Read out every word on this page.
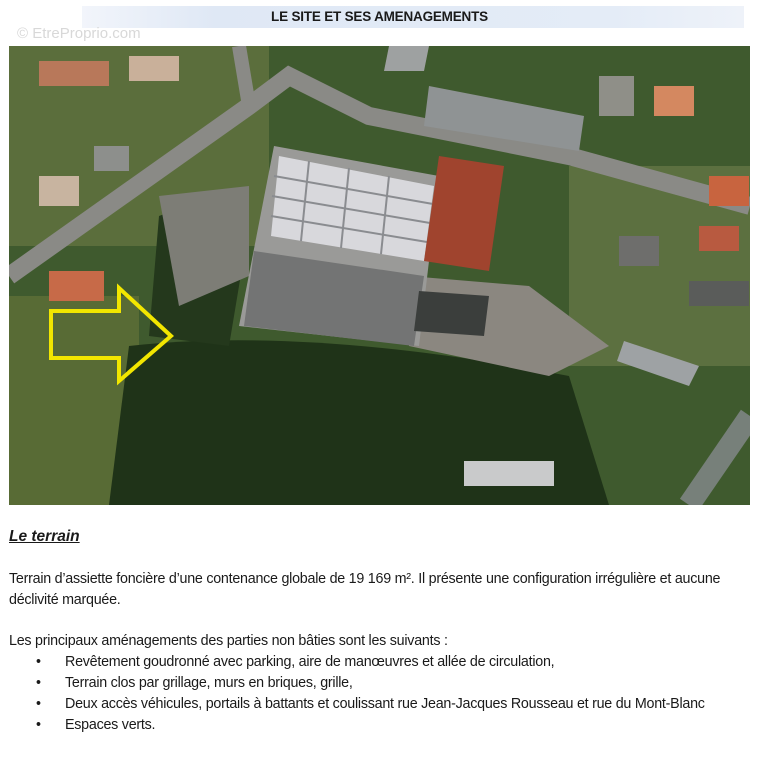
LE SITE ET SES AMENAGEMENTS
© EtreProprio.com
Le terrain
Terrain d’assiette foncière d’une contenance globale de 19 169 m². Il présente une configuration irrégulière et aucune déclivité marquée.
Les principaux aménagements des parties non bâties sont les suivants :
• Revêtement goudronné avec parking, aire de manœuvres et allée de circulation,
• Terrain clos par grillage, murs en briques, grille,
• Deux accès véhicules, portails à battants et coulissant rue Jean-Jacques Rousseau et rue du Mont-Blanc
• Espaces verts.
